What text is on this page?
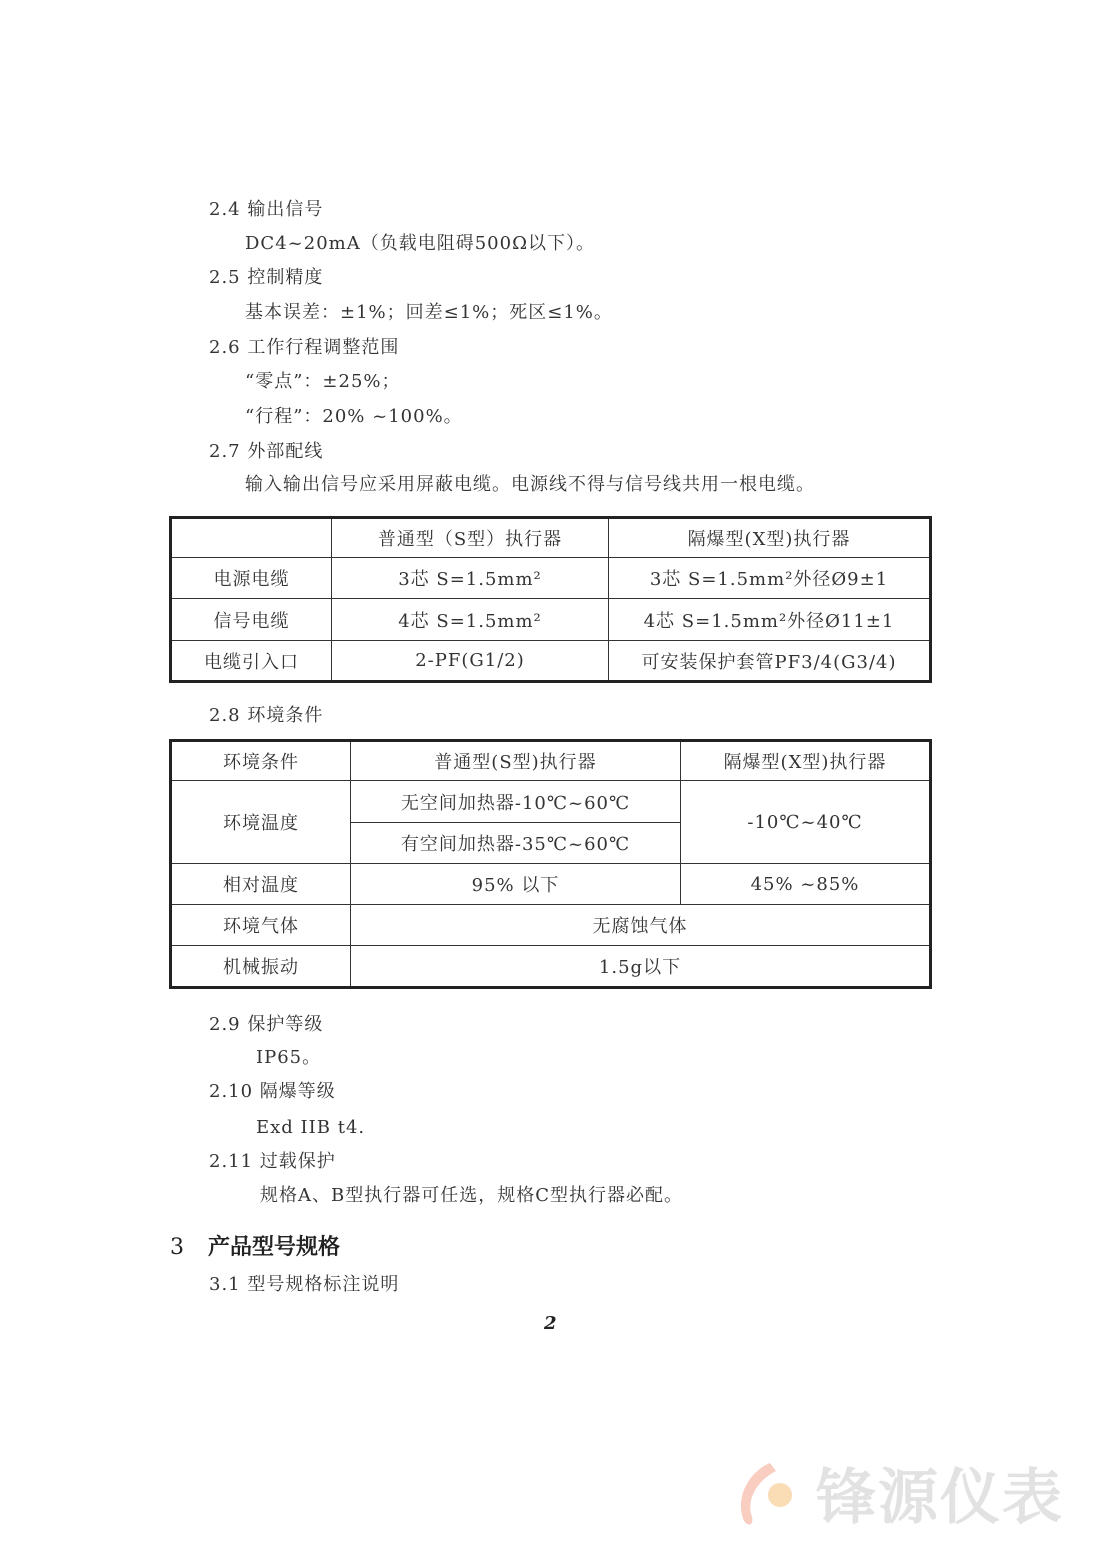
2.4 输出信号
DC4~20mA（负载电阻碍500Ω以下）。
2.5 控制精度
基本误差：±1%；回差≤1%；死区≤1%。
2.6 工作行程调整范围
“零点”：±25%；
“行程”：20% ~100%。
2.7 外部配线
输入输出信号应采用屏蔽电缆。电源线不得与信号线共用一根电缆。
	普通型（S型）执行器	隔爆型(X型)执行器
电源电缆	3芯 S=1.5mm²	3芯 S=1.5mm²外径Ø9±1
信号电缆	4芯 S=1.5mm²	4芯 S=1.5mm²外径Ø11±1
电缆引入口	2-PF(G1/2)	可安装保护套管PF3/4(G3/4)
2.8 环境条件
环境条件	普通型(S型)执行器	隔爆型(X型)执行器
环境温度	无空间加热器-10℃~60℃	-10℃~40℃
	有空间加热器-35℃~60℃	
相对温度	95% 以下	45% ~85%
环境气体	无腐蚀气体	
机械振动	1.5g以下	
2.9 保护等级
IP65。
2.10 隔爆等级
Exd IIB t4.
2.11 过载保护
规格A、B型执行器可任选，规格C型执行器必配。
3 产品型号规格
3.1 型号规格标注说明
2
锋源仪表
